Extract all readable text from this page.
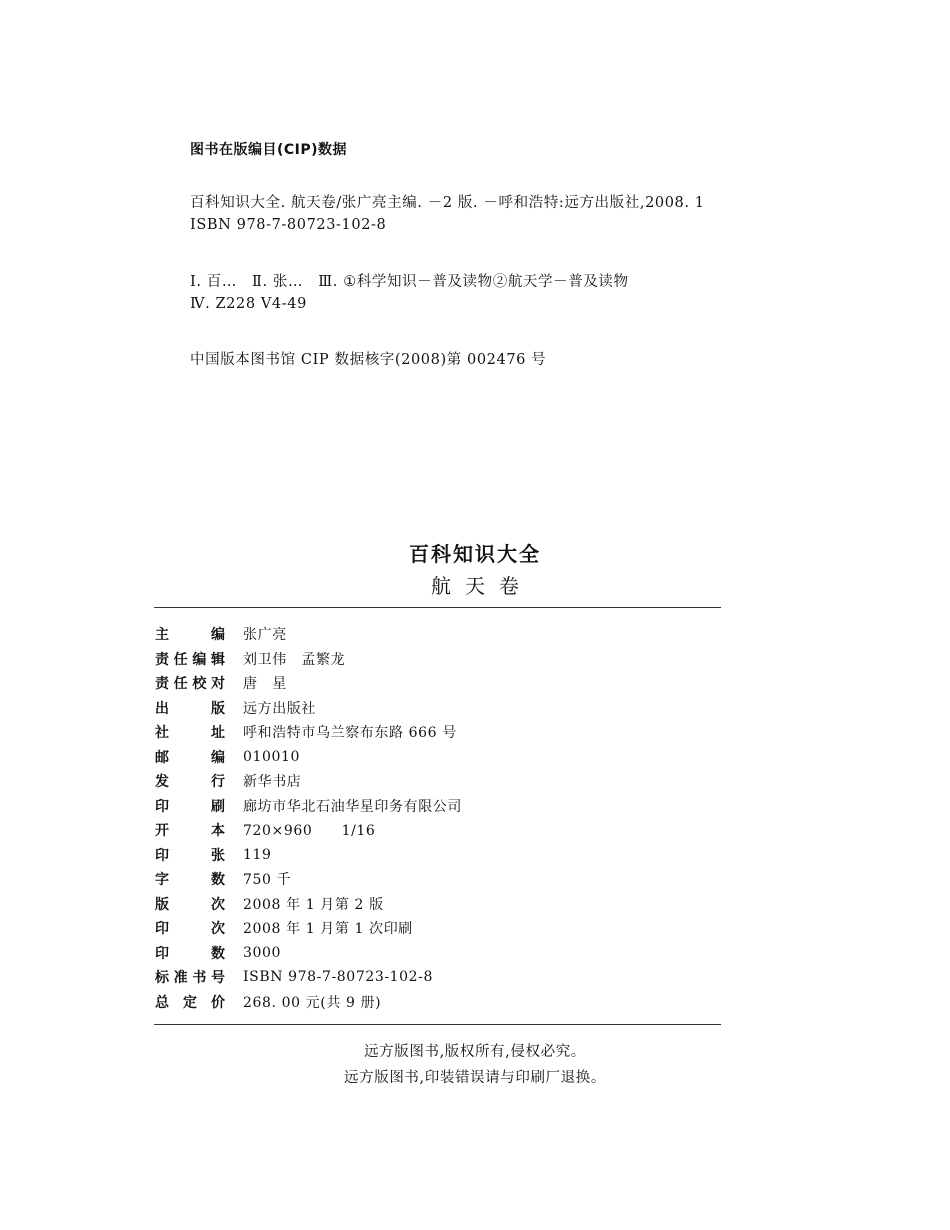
图书在版编目(CIP)数据
百科知识大全. 航天卷/张广亮主编. －2 版. －呼和浩特:远方出版社,2008. 1
ISBN 978-7-80723-102-8
I. 百…　Ⅱ. 张…　Ⅲ. ①科学知识－普及读物②航天学－普及读物
Ⅳ. Z228 V4-49
中国版本图书馆 CIP 数据核字(2008)第 002476 号
百科知识大全
航天卷
主	编 张广亮
责 任 编 辑 刘卫伟　孟繁龙
责 任 校 对 唐　星
出	版 远方出版社
社	址 呼和浩特市乌兰察布东路 666 号
邮	编 010010
发	行 新华书店
印	刷 廊坊市华北石油华星印务有限公司
开	本 720×960　　1/16
印	张 119
字	数 750 千
版	次 2008 年 1 月第 2 版
印	次 2008 年 1 月第 1 次印刷
印	数 3000
标 准 书 号 ISBN 978-7-80723-102-8
总 定 价 268. 00 元(共 9 册)
远方版图书,版权所有,侵权必究。
远方版图书,印装错误请与印刷厂退换。
